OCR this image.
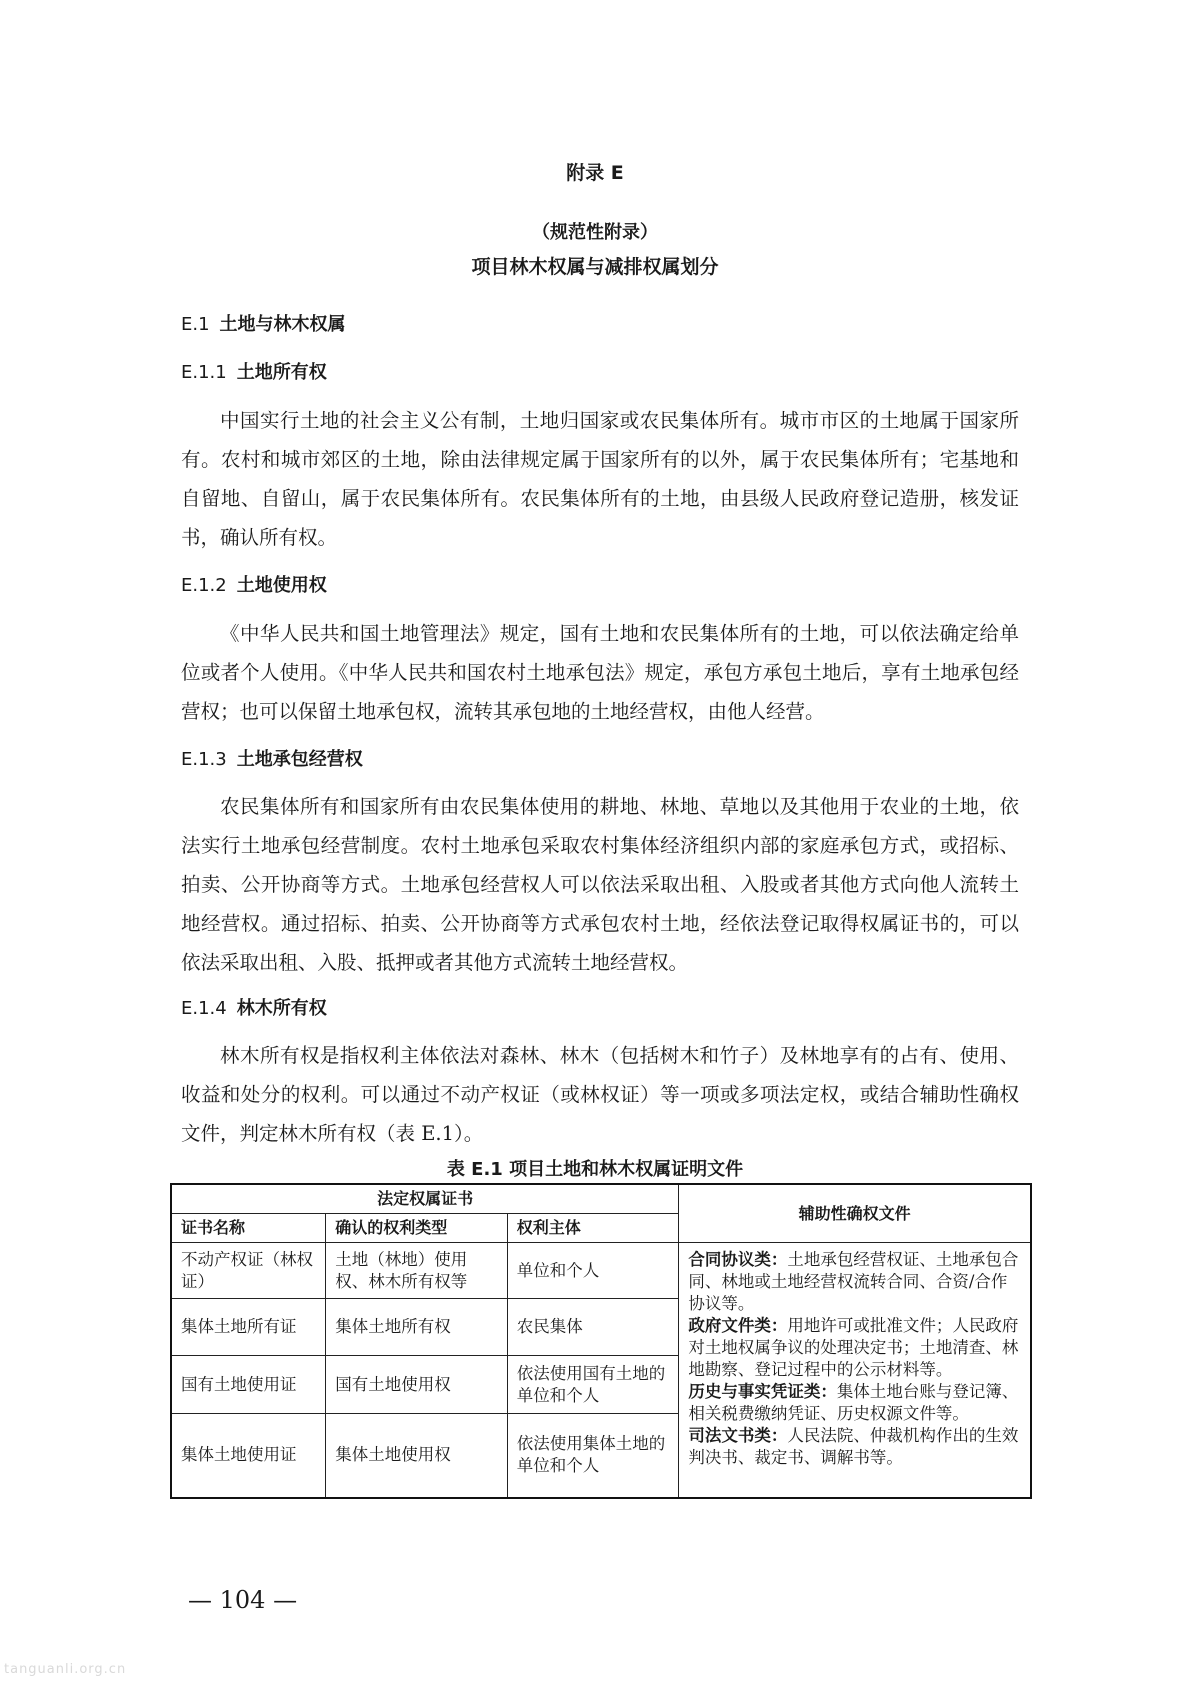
附录 E
（规范性附录）
项目林木权属与减排权属划分
E.1 土地与林木权属
E.1.1 土地所有权

中国实行土地的社会主义公有制，土地归国家或农民集体所有。城市市区的土地属于国家所有。农村和城市郊区的土地，除由法律规定属于国家所有的以外，属于农民集体所有；宅基地和自留地、自留山，属于农民集体所有。农民集体所有的土地，由县级人民政府登记造册，核发证书，确认所有权。

E.1.2 土地使用权

《中华人民共和国土地管理法》规定，国有土地和农民集体所有的土地，可以依法确定给单位或者个人使用。《中华人民共和国农村土地承包法》规定，承包方承包土地后，享有土地承包经营权；也可以保留土地承包权，流转其承包地的土地经营权，由他人经营。

E.1.3 土地承包经营权

农民集体所有和国家所有由农民集体使用的耕地、林地、草地以及其他用于农业的土地，依法实行土地承包经营制度。农村土地承包采取农村集体经济组织内部的家庭承包方式，或招标、拍卖、公开协商等方式。土地承包经营权人可以依法采取出租、入股或者其他方式向他人流转土地经营权。通过招标、拍卖、公开协商等方式承包农村土地，经依法登记取得权属证书的，可以依法采取出租、入股、抵押或者其他方式流转土地经营权。

E.1.4 林木所有权

林木所有权是指权利主体依法对森林、林木（包括树木和竹子）及林地享有的占有、使用、收益和处分的权利。可以通过不动产权证（或林权证）等一项或多项法定权，或结合辅助性确权文件，判定林木所有权（表 E.1）。

表 E.1 项目土地和林木权属证明文件
法定权属证书			辅助性确权文件
证书名称	确认的权利类型	权利主体	
不动产权证（林权证）	土地（林地）使用权、林木所有权等	单位和个人	合同协议类：土地承包经营权证、土地承包合同、林地或土地经营权流转合同、合资/合作协议等。

政府文件类：用地许可或批准文件；人民政府对土地权属争议的处理决定书；土地清查、林地勘察、登记过程中的公示材料等。

历史与事实凭证类：集体土地台账与登记簿、相关税费缴纳凭证、历史权源文件等。

司法文书类：人民法院、仲裁机构作出的生效判决书、裁定书、调解书等。

集体土地所有证	集体土地所有权	农民集体	
国有土地使用证	国有土地使用权	依法使用国有土地的单位和个人	
集体土地使用证	集体土地使用权	依法使用集体土地的单位和个人	
— 104 —
tanguanli.org.cn
